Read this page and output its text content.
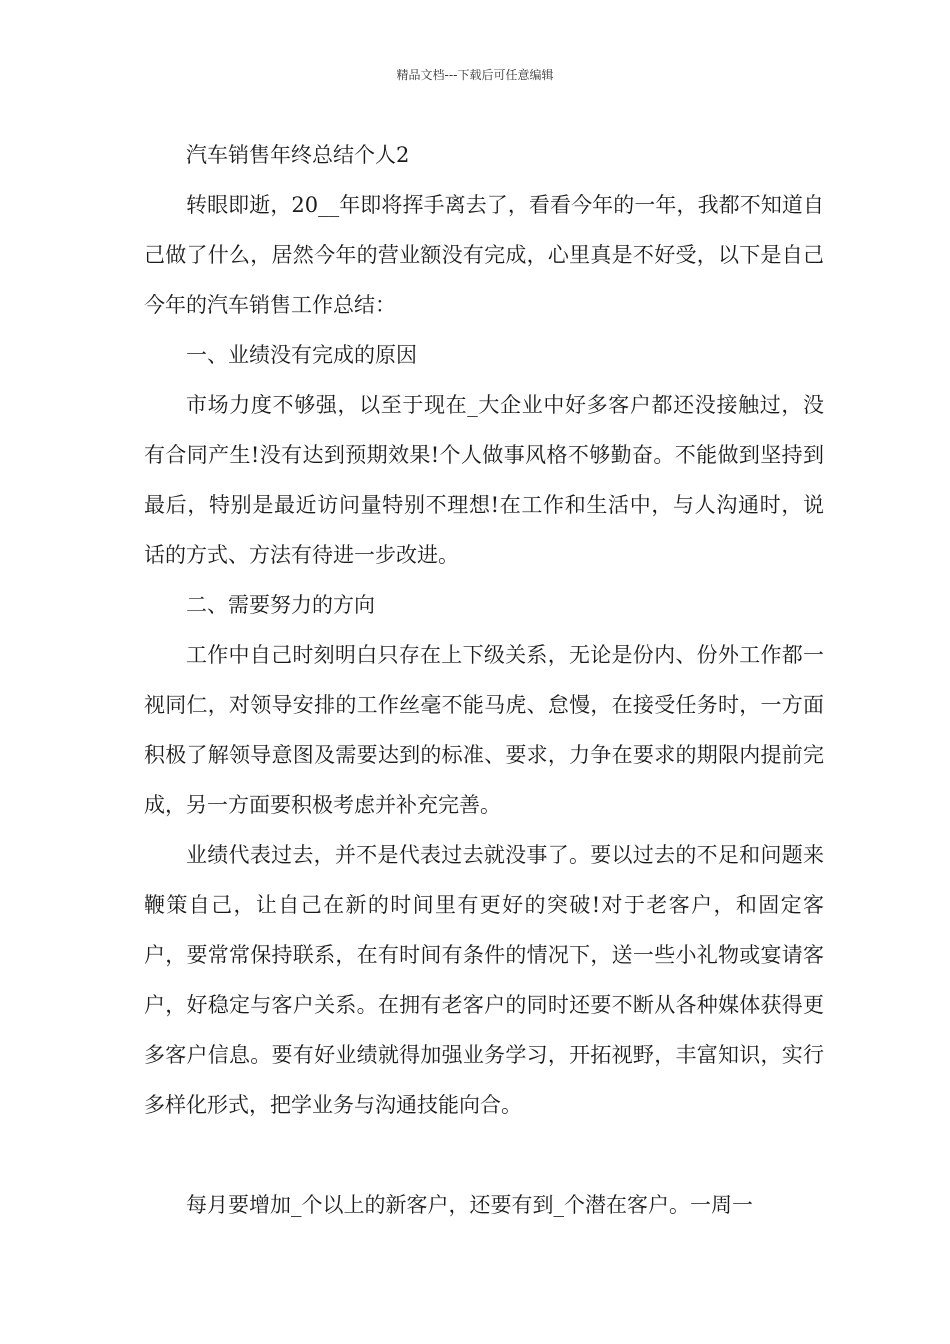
精品文档---下载后可任意编辑

汽车销售年终总结个人2

转眼即逝，20__年即将挥手离去了，看看今年的一年，我都不知道自己做了什么，居然今年的营业额没有完成，心里真是不好受，以下是自己今年的汽车销售工作总结：

一、业绩没有完成的原因

市场力度不够强，以至于现在_大企业中好多客户都还没接触过，没有合同产生!没有达到预期效果!个人做事风格不够勤奋。不能做到坚持到最后，特别是最近访问量特别不理想!在工作和生活中，与人沟通时，说话的方式、方法有待进一步改进。

二、需要努力的方向

工作中自己时刻明白只存在上下级关系，无论是份内、份外工作都一视同仁，对领导安排的工作丝毫不能马虎、怠慢，在接受任务时，一方面积极了解领导意图及需要达到的标准、要求，力争在要求的期限内提前完成，另一方面要积极考虑并补充完善。

业绩代表过去，并不是代表过去就没事了。要以过去的不足和问题来鞭策自己，让自己在新的时间里有更好的突破!对于老客户，和固定客户，要常常保持联系，在有时间有条件的情况下，送一些小礼物或宴请客户，好稳定与客户关系。在拥有老客户的同时还要不断从各种媒体获得更多客户信息。要有好业绩就得加强业务学习，开拓视野，丰富知识，实行多样化形式，把学业务与沟通技能向合。

每月要增加_个以上的新客户，还要有到_个潜在客户。一周一
